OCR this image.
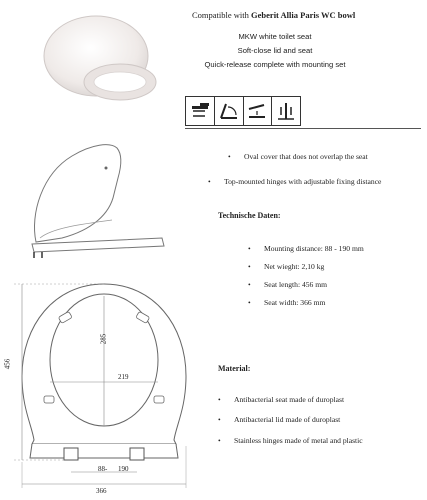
Compatible with Geberit Allia Paris WC bowl
MKW white toilet seat
Soft-close lid and seat
Quick-release complete with mounting set
• Oval cover that does not overlap the seat
• Top-mounted hinges with adjustable fixing distance
Technische Daten:
• Mounting distance: 88 - 190 mm
• Net wieght: 2,10 kg
• Seat length: 456 mm
• Seat width: 366 mm
Material:
• Antibacterial seat made of duroplast
• Antibacterial lid made of duroplast
• Stainless hinges made of metal and plastic
456
285
219
88- 190
366
